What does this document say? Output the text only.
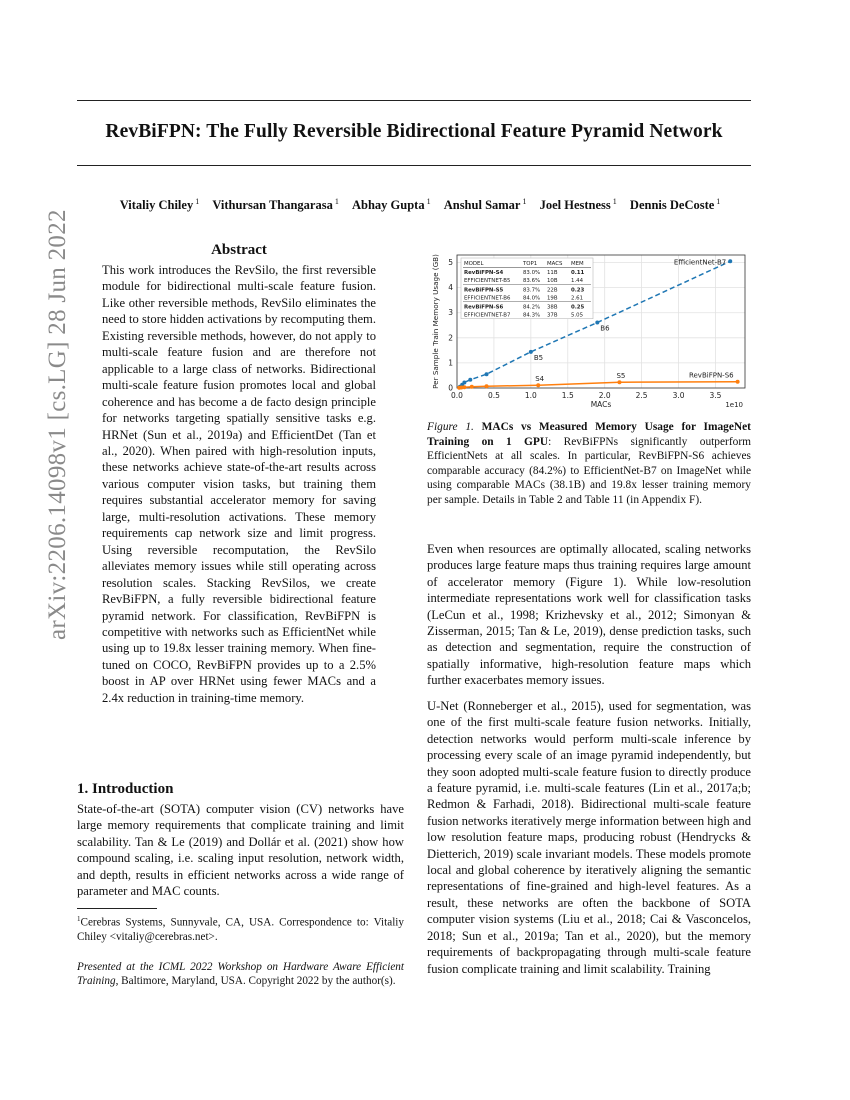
RevBiFPN: The Fully Reversible Bidirectional Feature Pyramid Network
Vitaliy Chiley $^1$ Vithursan Thangarasa $^1$ Abhay Gupta $^1$ Anshul Samar $^1$ Joel Hestness $^1$ Dennis DeCoste $^1$
arXiv:2206.14098v1 [cs.LG] 28 Jun 2022	Abstract
This work introduces the RevSilo, the first reversible module for bidirectional multi-scale feature fusion. Like other reversible methods, RevSilo eliminates the need to store hidden activations by recomputing them. Existing reversible methods, however, do not apply to multi-scale feature fusion and are therefore not applicable to a large class of networks. Bidirectional multi-scale feature fusion promotes local and global coherence and has become a de facto design principle for networks targeting spatially sensitive tasks e.g. HRNet (Sun et al., 2019a) and EfficientDet (Tan et al., 2020). When paired with high-resolution inputs, these networks achieve state-of-the-art results across various computer vision tasks, but training them requires substantial accelerator memory for saving large, multi-resolution activations. These memory requirements cap network size and limit progress. Using reversible recomputation, the RevSilo alleviates memory issues while still operating across resolution scales. Stacking RevSilos, we create RevBiFPN, a fully reversible bidirectional feature pyramid network. For classification, RevBiFPN is competitive with networks such as EfficientNet while using up to 19.8x lesser training memory. When fine-tuned on COCO, RevBiFPN provides up to a 2.5% boost in AP over HRNet using fewer MACs and a 2.4x reduction in training-time memory.
1. Introduction
State-of-the-art (SOTA) computer vision (CV) networks have large memory requirements that complicate training and limit scalability. Tan & Le (2019) and Dollár et al. (2021) show how compound scaling, i.e. scaling input resolution, network width, and depth, results in efficient networks across a wide range of parameter and MAC counts.
$^1$Cerebras Systems, Sunnyvale, CA, USA. Correspondence to: Vitaliy Chiley <vitaliy@cerebras.net>.
Presented at the ICML 2022 Workshop on Hardware Aware Efficient Training, Baltimore, Maryland, USA. Copyright 2022 by the author(s).
0.0	0.5	1.0	1.5	2.0	2.5	3.0	3.5
0
1
2
3
4
5
MACs	1e10
Per Sample Train Memory Usage (GB)	EfficientNet-B7
B6
B5
S4	S5	RevBiFPN-S6
MODEL	TOP1 MACS MEM
RevBiFPN-S4	83.0% 11B 0.11
EFFICIENTNET-B5 83.6% 10B 1.44
RevBiFPN-S5	83.7% 22B 0.23
EFFICIENTNET-B6 84.0% 19B 2.61
RevBiFPN-S6	84.2% 38B 0.25
EFFICIENTNET-B7 84.3% 37B 5.05
Figure 1. MACs vs Measured Memory Usage for ImageNet Training on 1 GPU: RevBiFPNs significantly outperform EfficientNets at all scales. In particular, RevBiFPN-S6 achieves comparable accuracy (84.2%) to EfficientNet-B7 on ImageNet while using comparable MACs (38.1B) and 19.8x lesser training memory per sample. Details in Table 2 and Table 11 (in Appendix F).
Even when resources are optimally allocated, scaling networks produces large feature maps thus training requires large amount of accelerator memory (Figure 1). While low-resolution intermediate representations work well for classification tasks (LeCun et al., 1998; Krizhevsky et al., 2012; Simonyan & Zisserman, 2015; Tan & Le, 2019), dense prediction tasks, such as detection and segmentation, require the construction of spatially informative, high-resolution feature maps which further exacerbates memory issues.
U-Net (Ronneberger et al., 2015), used for segmentation, was one of the first multi-scale feature fusion networks. Initially, detection networks would perform multi-scale inference by processing every scale of an image pyramid independently, but they soon adopted multi-scale feature fusion to directly produce a feature pyramid, i.e. multi-scale features (Lin et al., 2017a;b; Redmon & Farhadi, 2018). Bidirectional multi-scale feature fusion networks iteratively merge information between high and low resolution feature maps, producing robust (Hendrycks & Dietterich, 2019) scale invariant models. These models promote local and global coherence by iteratively aligning the semantic representations of fine-grained and high-level features. As a result, these networks are often the backbone of SOTA computer vision systems (Liu et al., 2018; Cai & Vasconcelos, 2018; Sun et al., 2019a; Tan et al., 2020), but the memory requirements of backpropagating through multi-scale feature fusion complicate training and limit scalability. Training
